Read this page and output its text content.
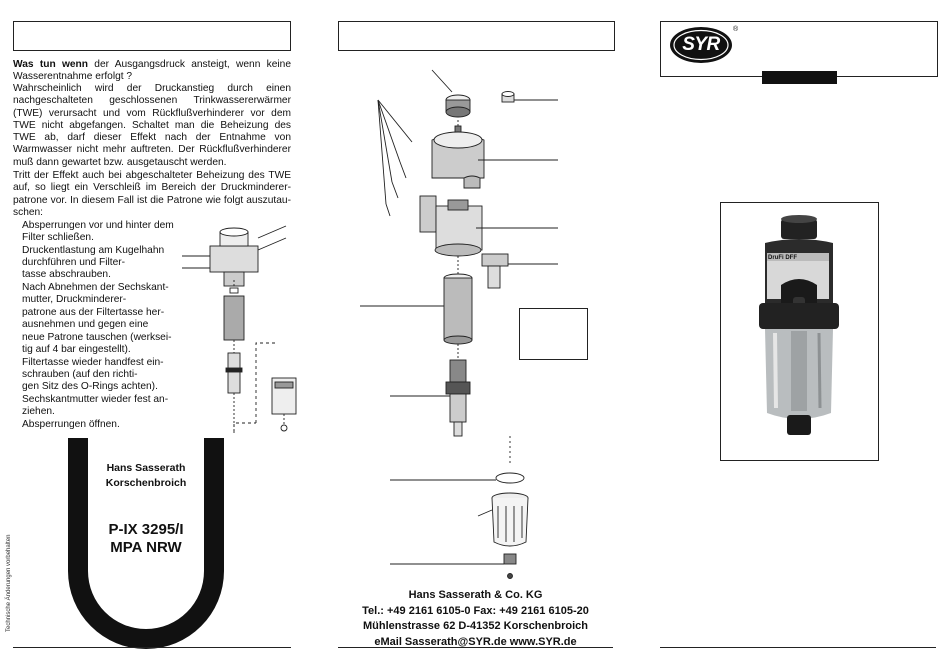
Was tun wenn der Ausgangsdruck ansteigt, wenn keine Wasserentnahme erfolgt ?
Wahrscheinlich wird der Druckanstieg durch einen nachgeschalteten geschlossenen Trinkwassererwärmer (TWE) verursacht und vom Rückflußverhinderer vor dem TWE nicht abgefangen. Schaltet man die Beheizung des TWE ab, darf dieser Effekt nach der Entnahme von Warmwasser nicht mehr auftreten. Der Rückflußverhinderer muß dann gewartet bzw. ausgetauscht werden.
Tritt der Effekt auch bei abgeschalteter Beheizung des TWE auf, so liegt ein Verschleiß im Bereich der Druckmindererpatrone vor. In diesem Fall ist die Patrone wie folgt auszutauschen:
Absperrungen vor und hinter dem
Filter schließen.
Druckentlastung am Kugelhahn
durchführen und Filter-
tasse abschrauben.
Nach Abnehmen der Sechskant-
mutter, Druckminderer-
patrone aus der Filtertasse her-
ausnehmen und gegen eine
neue Patrone tauschen (werksei-
tig auf 4 bar eingestellt).
Filtertasse wieder handfest ein-
schrauben (auf den richti-
gen Sitz des O-Rings achten).
Sechskantmutter wieder fest an-
ziehen.
Absperrungen öffnen.
Hans Sasserath
Korschenbroich
P-IX 3295/I
MPA NRW
Technische Änderungen vorbehalten	Hans Sasserath & Co. KG
Tel.: +49 2161 6105-0 Fax: +49 2161 6105-20
Mühlenstrasse 62 D-41352 Korschenbroich
eMail Sasserath@SYR.de www.SYR.de
SYR
®
DruFi DFF
